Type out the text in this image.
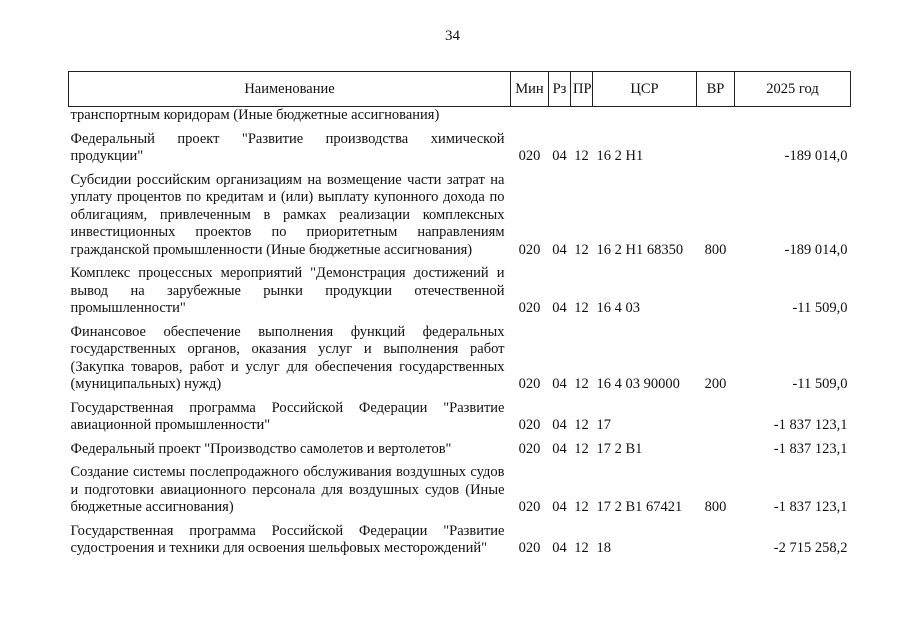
34
Наименование	Мин	Рз	ПР	ЦСР	ВР	2025 год
транспортным коридорам (Иные бюджетные ассигнования)						
Федеральный проект "Развитие производства химической продукции"	020	04	12	16 2 Н1		-189 014,0
Субсидии российским организациям на возмещение части затрат на уплату процентов по кредитам и (или) выплату купонного дохода по облигациям, привлеченным в рамках реализации комплексных инвестиционных проектов по приоритетным направлениям гражданской промышленности (Иные бюджетные ассигнования)	020	04	12	16 2 Н1 68350	800	-189 014,0
Комплекс процессных мероприятий "Демонстрация достижений и вывод на зарубежные рынки продукции отечественной промышленности"	020	04	12	16 4 03		-11 509,0
Финансовое обеспечение выполнения функций федеральных государственных органов, оказания услуг и выполнения работ (Закупка товаров, работ и услуг для обеспечения государственных (муниципальных) нужд)	020	04	12	16 4 03 90000	200	-11 509,0
Государственная программа Российской Федерации "Развитие авиационной промышленности"	020	04	12	17		-1 837 123,1
Федеральный проект "Производство самолетов и вертолетов"	020	04	12	17 2 В1		-1 837 123,1
Создание системы послепродажного обслуживания воздушных судов и подготовки авиационного персонала для воздушных судов (Иные бюджетные ассигнования)	020	04	12	17 2 В1 67421	800	-1 837 123,1
Государственная программа Российской Федерации "Развитие судостроения и техники для освоения шельфовых месторождений"	020	04	12	18		-2 715 258,2
